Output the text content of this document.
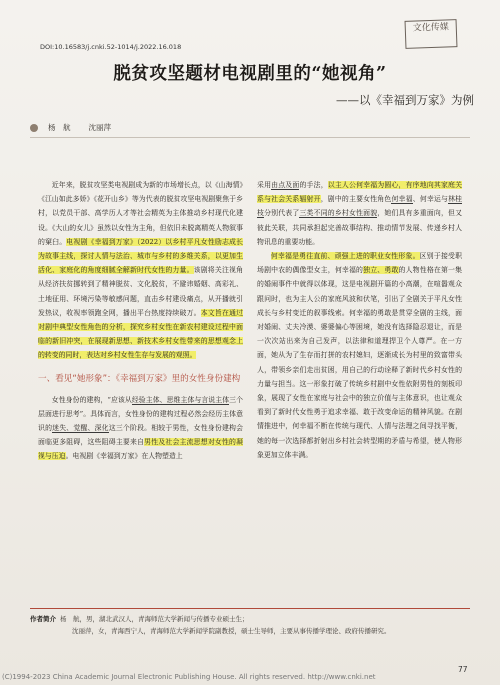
DOI:10.16583/j.cnki.52-1014/j.2022.16.018
文化传媒
脱贫攻坚题材电视剧里的“她视角”
——以《幸福到万家》为例
杨　航 沈丽萍

近年来，脱贫攻坚类电视剧成为新的市场增长点，以《山海情》《江山如此多娇》《花开山乡》等为代表的脱贫攻坚电视剧聚焦于乡村，以党员干部、高学历人才等社会精英为主体推动乡村现代化建设。《大山的女儿》虽然以女性为主角，但依旧未脱离精英人物叙事的窠臼。电视剧《幸福到万家》（2022）以乡村平凡女性励志成长为故事主线，探讨人情与法治、城市与乡村的多维关系，以更加生活化、家庭化的角度细腻全解新时代女性的力量。该剧将关注视角从经济扶贫挪转到了精神脱贫、文化脱贫，不避讳婚姻、高彩礼、土地征用、环境污染等敏感问题，直击乡村建设痛点，从开播就引发热议，收视率领跑全网，播出平台热度持续破万。本文旨在通过对剧中典型女性角色的分析，探究乡村女性在新农村建设过程中面临的新旧冲突，在展现新思想、新技术乡村女性带来的思想观念上的转变的同时，表达对乡村女性生存与发展的观照。

一、看见“她形象”：《幸福到万家》里的女性身份建构

女性身份的建构，“应该从经验主体、思维主体与言说主体三个层面进行思考”。具体而言，女性身份的建构过程必然会经历主体意识的迷失、觉醒、深化这三个阶段。相较于男性，女性身份建构会面临更多阻碍，这些阻碍主要来自男性及社会主流思想对女性的凝视与压迫。电视剧《幸福到万家》在人物塑造上

采用由点及面的手法，以主人公何幸福为圆心，有序地向其家庭关系与社会关系辐射开，剧中的主要女性角色何幸福、何幸运与林桂枝分别代表了三类不同的乡村女性面貌，她们具有多重面向，但又彼此关联，共同承担起完善故事结构、推动情节发展、传递乡村人物讯息的重要功能。

何幸福是勇往直前、顽强上进的职业女性形象。区别于接受职场剧中农的偶像型女主，何幸福的独立、勇敢的人物性格在第一集的婚闹事件中就得以体现，这是电视剧开篇的小高潮，在喧嚣观众跟问时，也为主人公的家庭风波和伏笔，引出了全剧关于平凡女性成长与乡村变迁的叙事线索。何幸福的勇敢是贯穿全剧的主线，面对婚闹、丈夫冷漠、婆婆偏心等困境，她没有选择隐忍退让，而是一次次站出来为自己发声，以法律和道理捍卫个人尊严。在一方面，她从为了生存而打拼的农村媳妇，逐渐成长为村里的致富带头人，带领乡亲们走出贫困，用自己的行动诠释了新时代乡村女性的力量与担当。这一形象打破了传统乡村剧中女性依附男性的刻板印象，展现了女性在家庭与社会中的独立价值与主体意识，也让观众看到了新时代女性勇于追求幸福、敢于改变命运的精神风貌。在剧情推进中，何幸福不断在传统与现代、人情与法理之间寻找平衡，她的每一次选择都折射出乡村社会转型期的矛盾与希望，使人物形象更加立体丰满。

作者简介 杨　航，男，湖北武汉人，青海师范大学新闻与传播专业硕士生；
沈丽萍，女，青海西宁人，青海师范大学新闻学院副教授，硕士生导师，主要从事传播学理论、政府传播研究。
77
(C)1994-2023 China Academic Journal Electronic Publishing House. All rights reserved. http://www.cnki.net
